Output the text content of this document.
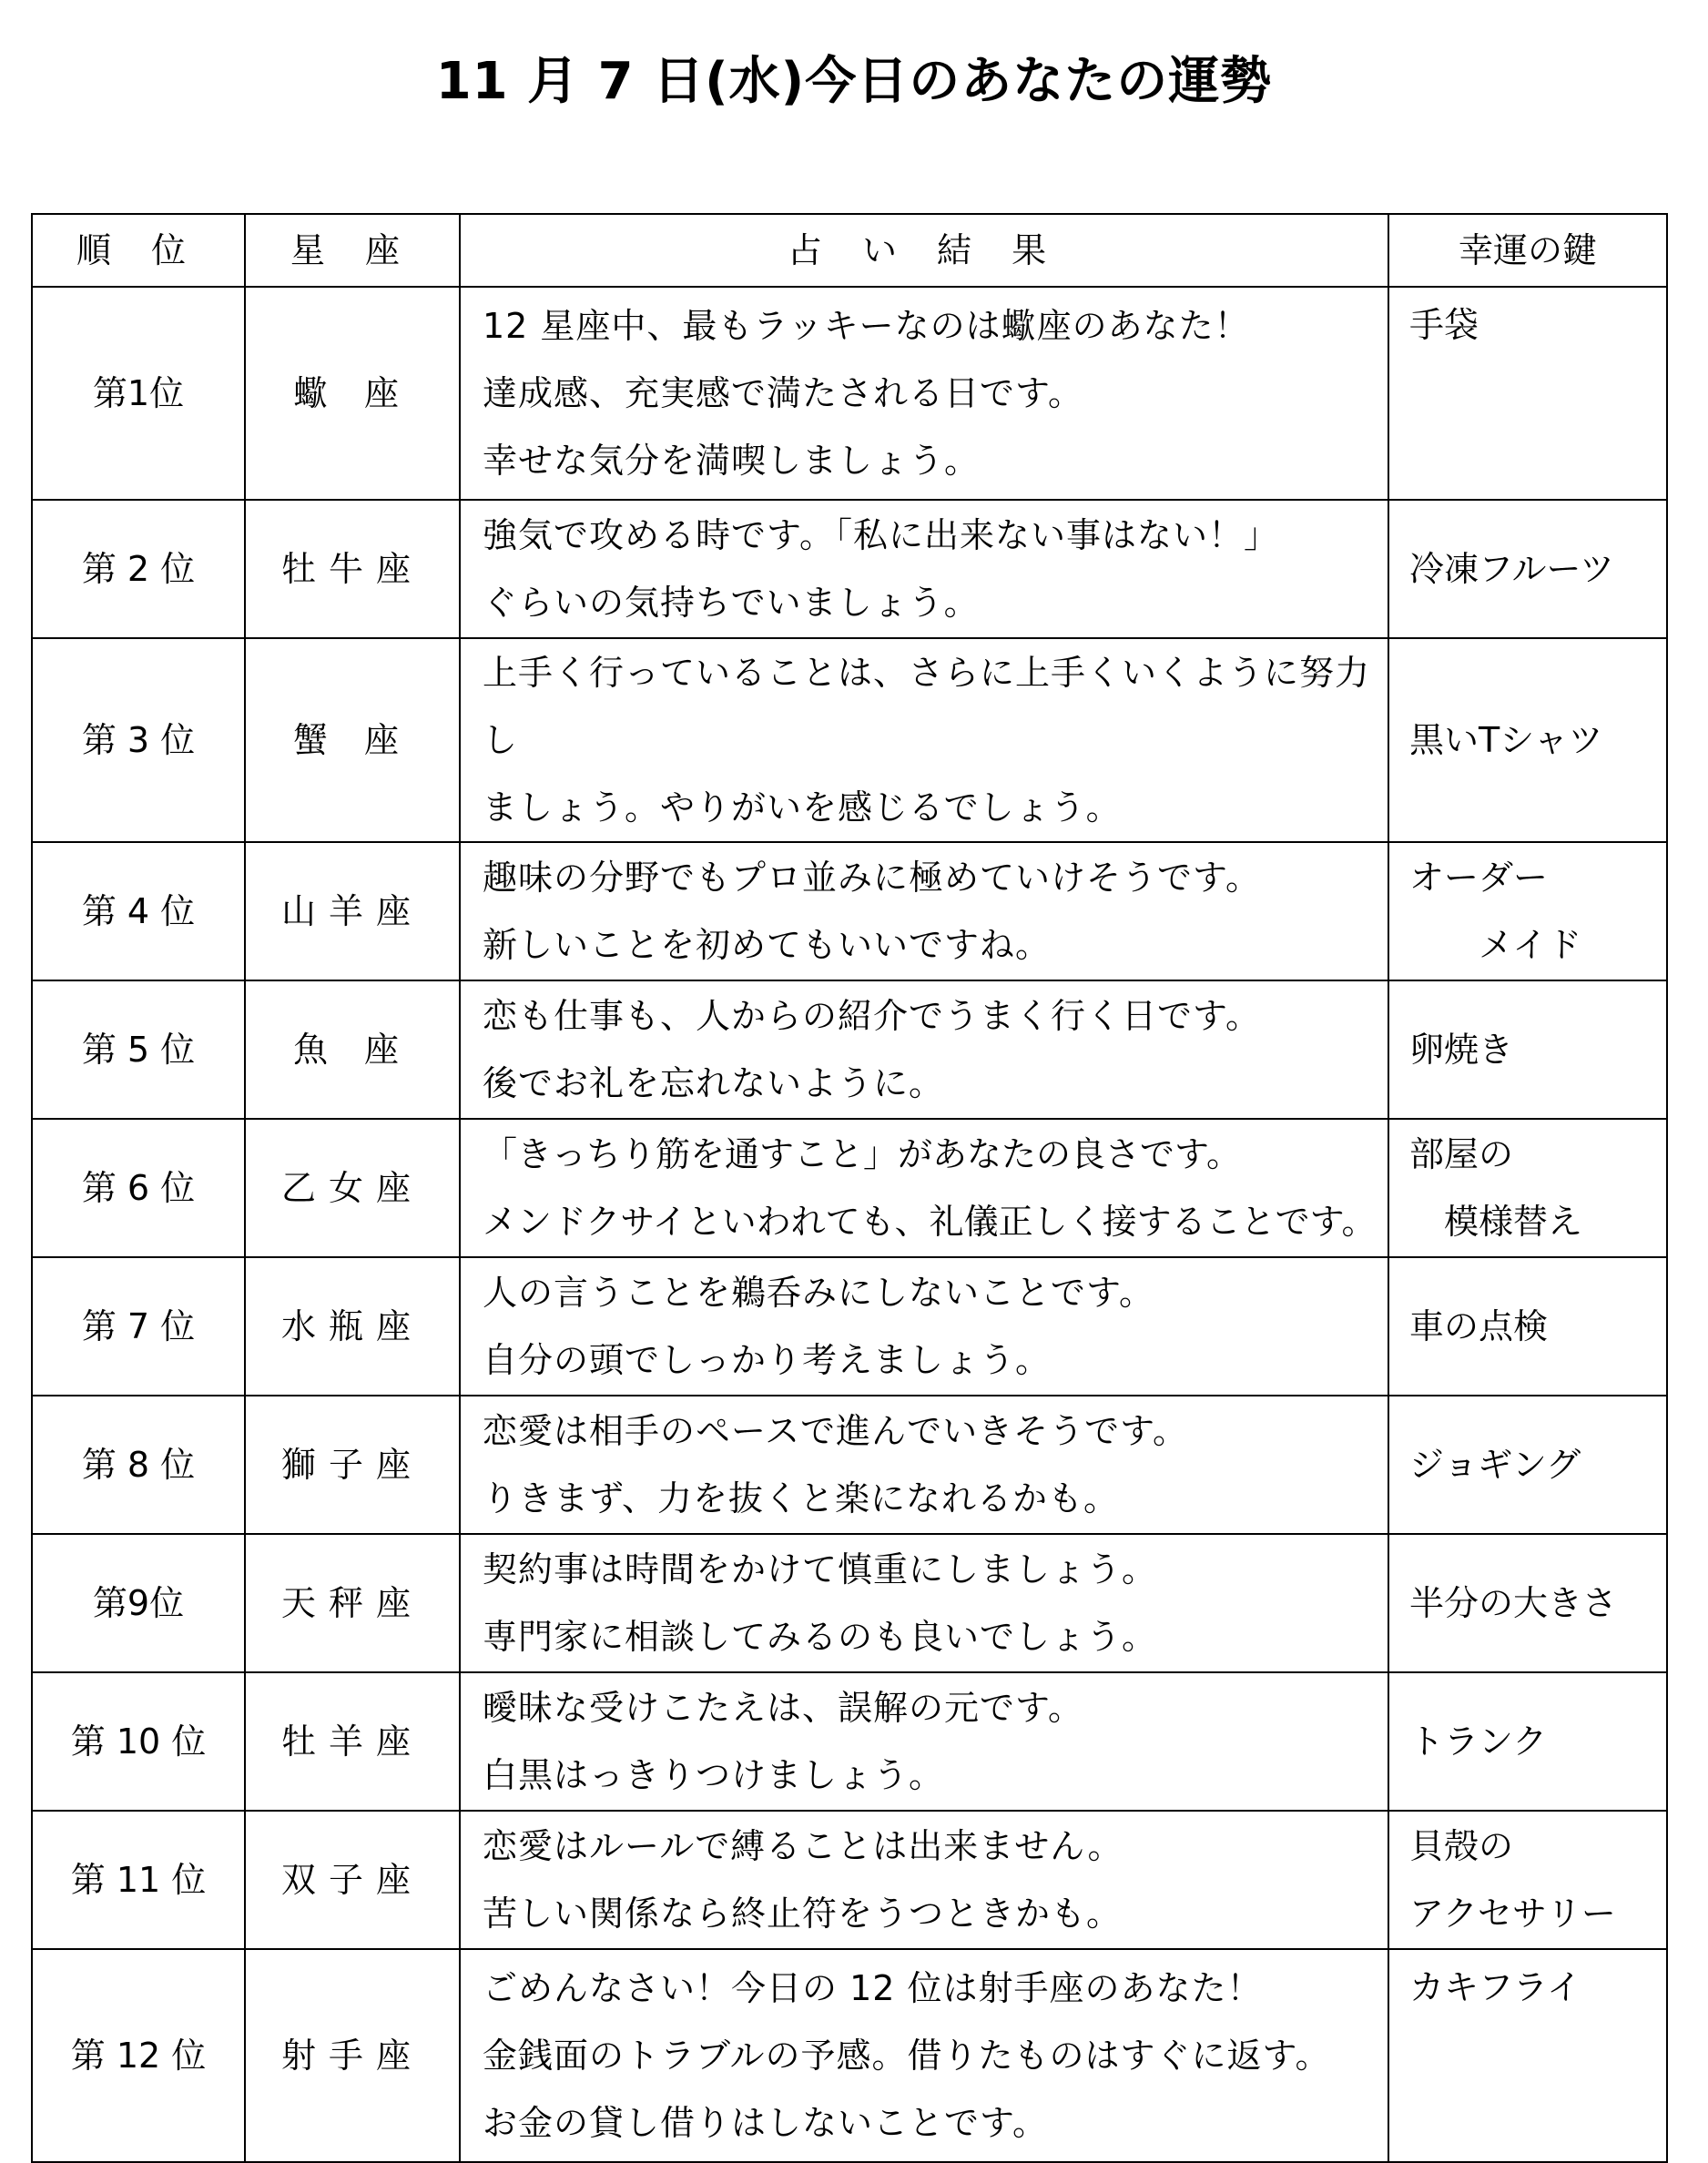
11 月 7 日(水)今日のあなたの運勢
順 位	星 座	占 い 結 果	幸運の鍵
第1位	蠍 座	12 星座中、最もラッキーなのは蠍座のあなた！
達成感、充実感で満たされる日です。
幸せな気分を満喫しましょう。	手袋
第 2 位	牡牛座	強気で攻める時です。「私に出来ない事はない！」
ぐらいの気持ちでいましょう。	冷凍フルーツ
第 3 位	蟹 座	上手く行っていることは、さらに上手くいくように努力し
ましょう。やりがいを感じるでしょう。	黒いTシャツ
第 4 位	山羊座	趣味の分野でもプロ並みに極めていけそうです。
新しいことを初めてもいいですね。	オーダー
　　メイド
第 5 位	魚 座	恋も仕事も、人からの紹介でうまく行く日です。
後でお礼を忘れないように。	卵焼き
第 6 位	乙女座	「きっちり筋を通すこと」があなたの良さです。
メンドクサイといわれても、礼儀正しく接することです。	部屋の
　模様替え
第 7 位	水瓶座	人の言うことを鵜呑みにしないことです。
自分の頭でしっかり考えましょう。	車の点検
第 8 位	獅子座	恋愛は相手のペースで進んでいきそうです。
りきまず、力を抜くと楽になれるかも。	ジョギング
第9位	天秤座	契約事は時間をかけて慎重にしましょう。
専門家に相談してみるのも良いでしょう。	半分の大きさ
第 10 位	牡羊座	曖昧な受けこたえは、誤解の元です。
白黒はっきりつけましょう。	トランク
第 11 位	双子座	恋愛はルールで縛ることは出来ません。
苦しい関係なら終止符をうつときかも。	貝殻の
アクセサリー
第 12 位	射手座	ごめんなさい！今日の 12 位は射手座のあなた！
金銭面のトラブルの予感。借りたものはすぐに返す。
お金の貸し借りはしないことです。	カキフライ
